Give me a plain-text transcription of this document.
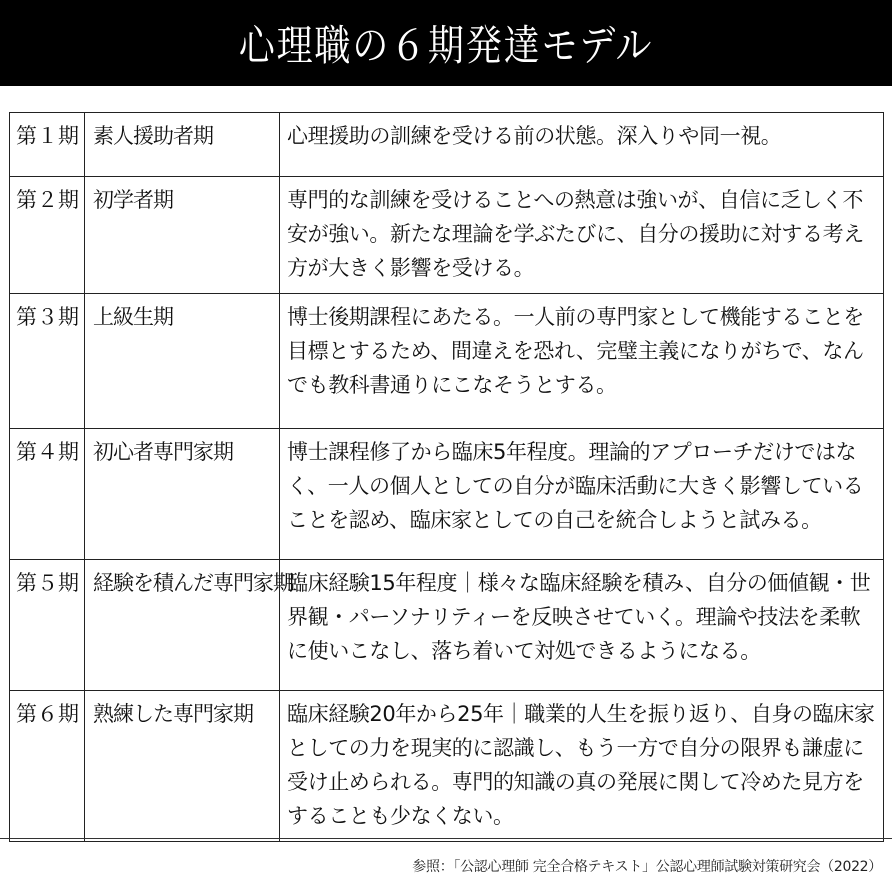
心理職の６期発達モデル
第１期	素人援助者期	心理援助の訓練を受ける前の状態。深入りや同一視。
第２期	初学者期	専門的な訓練を受けることへの熱意は強いが、自信に乏しく不安が強い。新たな理論を学ぶたびに、自分の援助に対する考え方が大きく影響を受ける。
第３期	上級生期	博士後期課程にあたる。一人前の専門家として機能することを目標とするため、間違えを恐れ、完璧主義になりがちで、なんでも教科書通りにこなそうとする。
第４期	初心者専門家期	博士課程修了から臨床5年程度。理論的アプローチだけではなく、一人の個人としての自分が臨床活動に大きく影響していることを認め、臨床家としての自己を統合しようと試みる。
第５期	経験を積んだ専門家期	臨床経験15年程度｜様々な臨床経験を積み、自分の価値観・世界観・パーソナリティーを反映させていく。理論や技法を柔軟に使いこなし、落ち着いて対処できるようになる。
第６期	熟練した専門家期	臨床経験20年から25年｜職業的人生を振り返り、自身の臨床家としての力を現実的に認識し、もう一方で自分の限界も謙虚に受け止められる。専門的知識の真の発展に関して冷めた見方をすることも少なくない。
参照：「公認心理師 完全合格テキスト」公認心理師試験対策研究会（2022）
